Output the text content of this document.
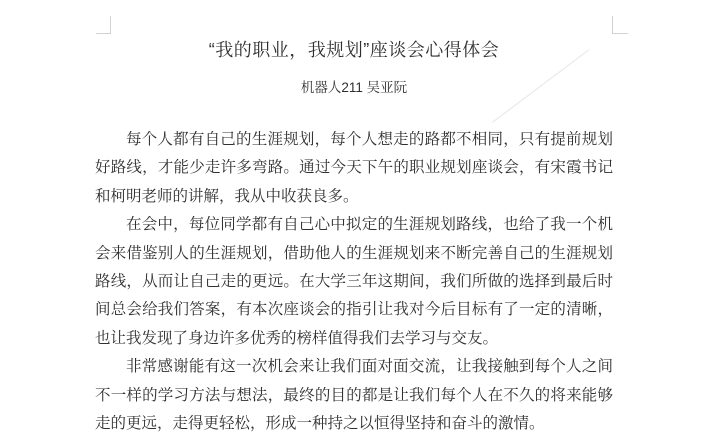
“我的职业，我规划”座谈会心得体会
机器人211 吴亚阮

每个人都有自己的生涯规划，每个人想走的路都不相同，只有提前规划好路线，才能少走许多弯路。通过今天下午的职业规划座谈会，有宋霞书记和柯明老师的讲解，我从中收获良多。

在会中，每位同学都有自己心中拟定的生涯规划路线，也给了我一个机会来借鉴别人的生涯规划，借助他人的生涯规划来不断完善自己的生涯规划路线，从而让自己走的更远。在大学三年这期间，我们所做的选择到最后时间总会给我们答案，有本次座谈会的指引让我对今后目标有了一定的清晰，也让我发现了身边许多优秀的榜样值得我们去学习与交友。

非常感谢能有这一次机会来让我们面对面交流，让我接触到每个人之间不一样的学习方法与想法，最终的目的都是让我们每个人在不久的将来能够走的更远，走得更轻松，形成一种持之以恒得坚持和奋斗的激情。
